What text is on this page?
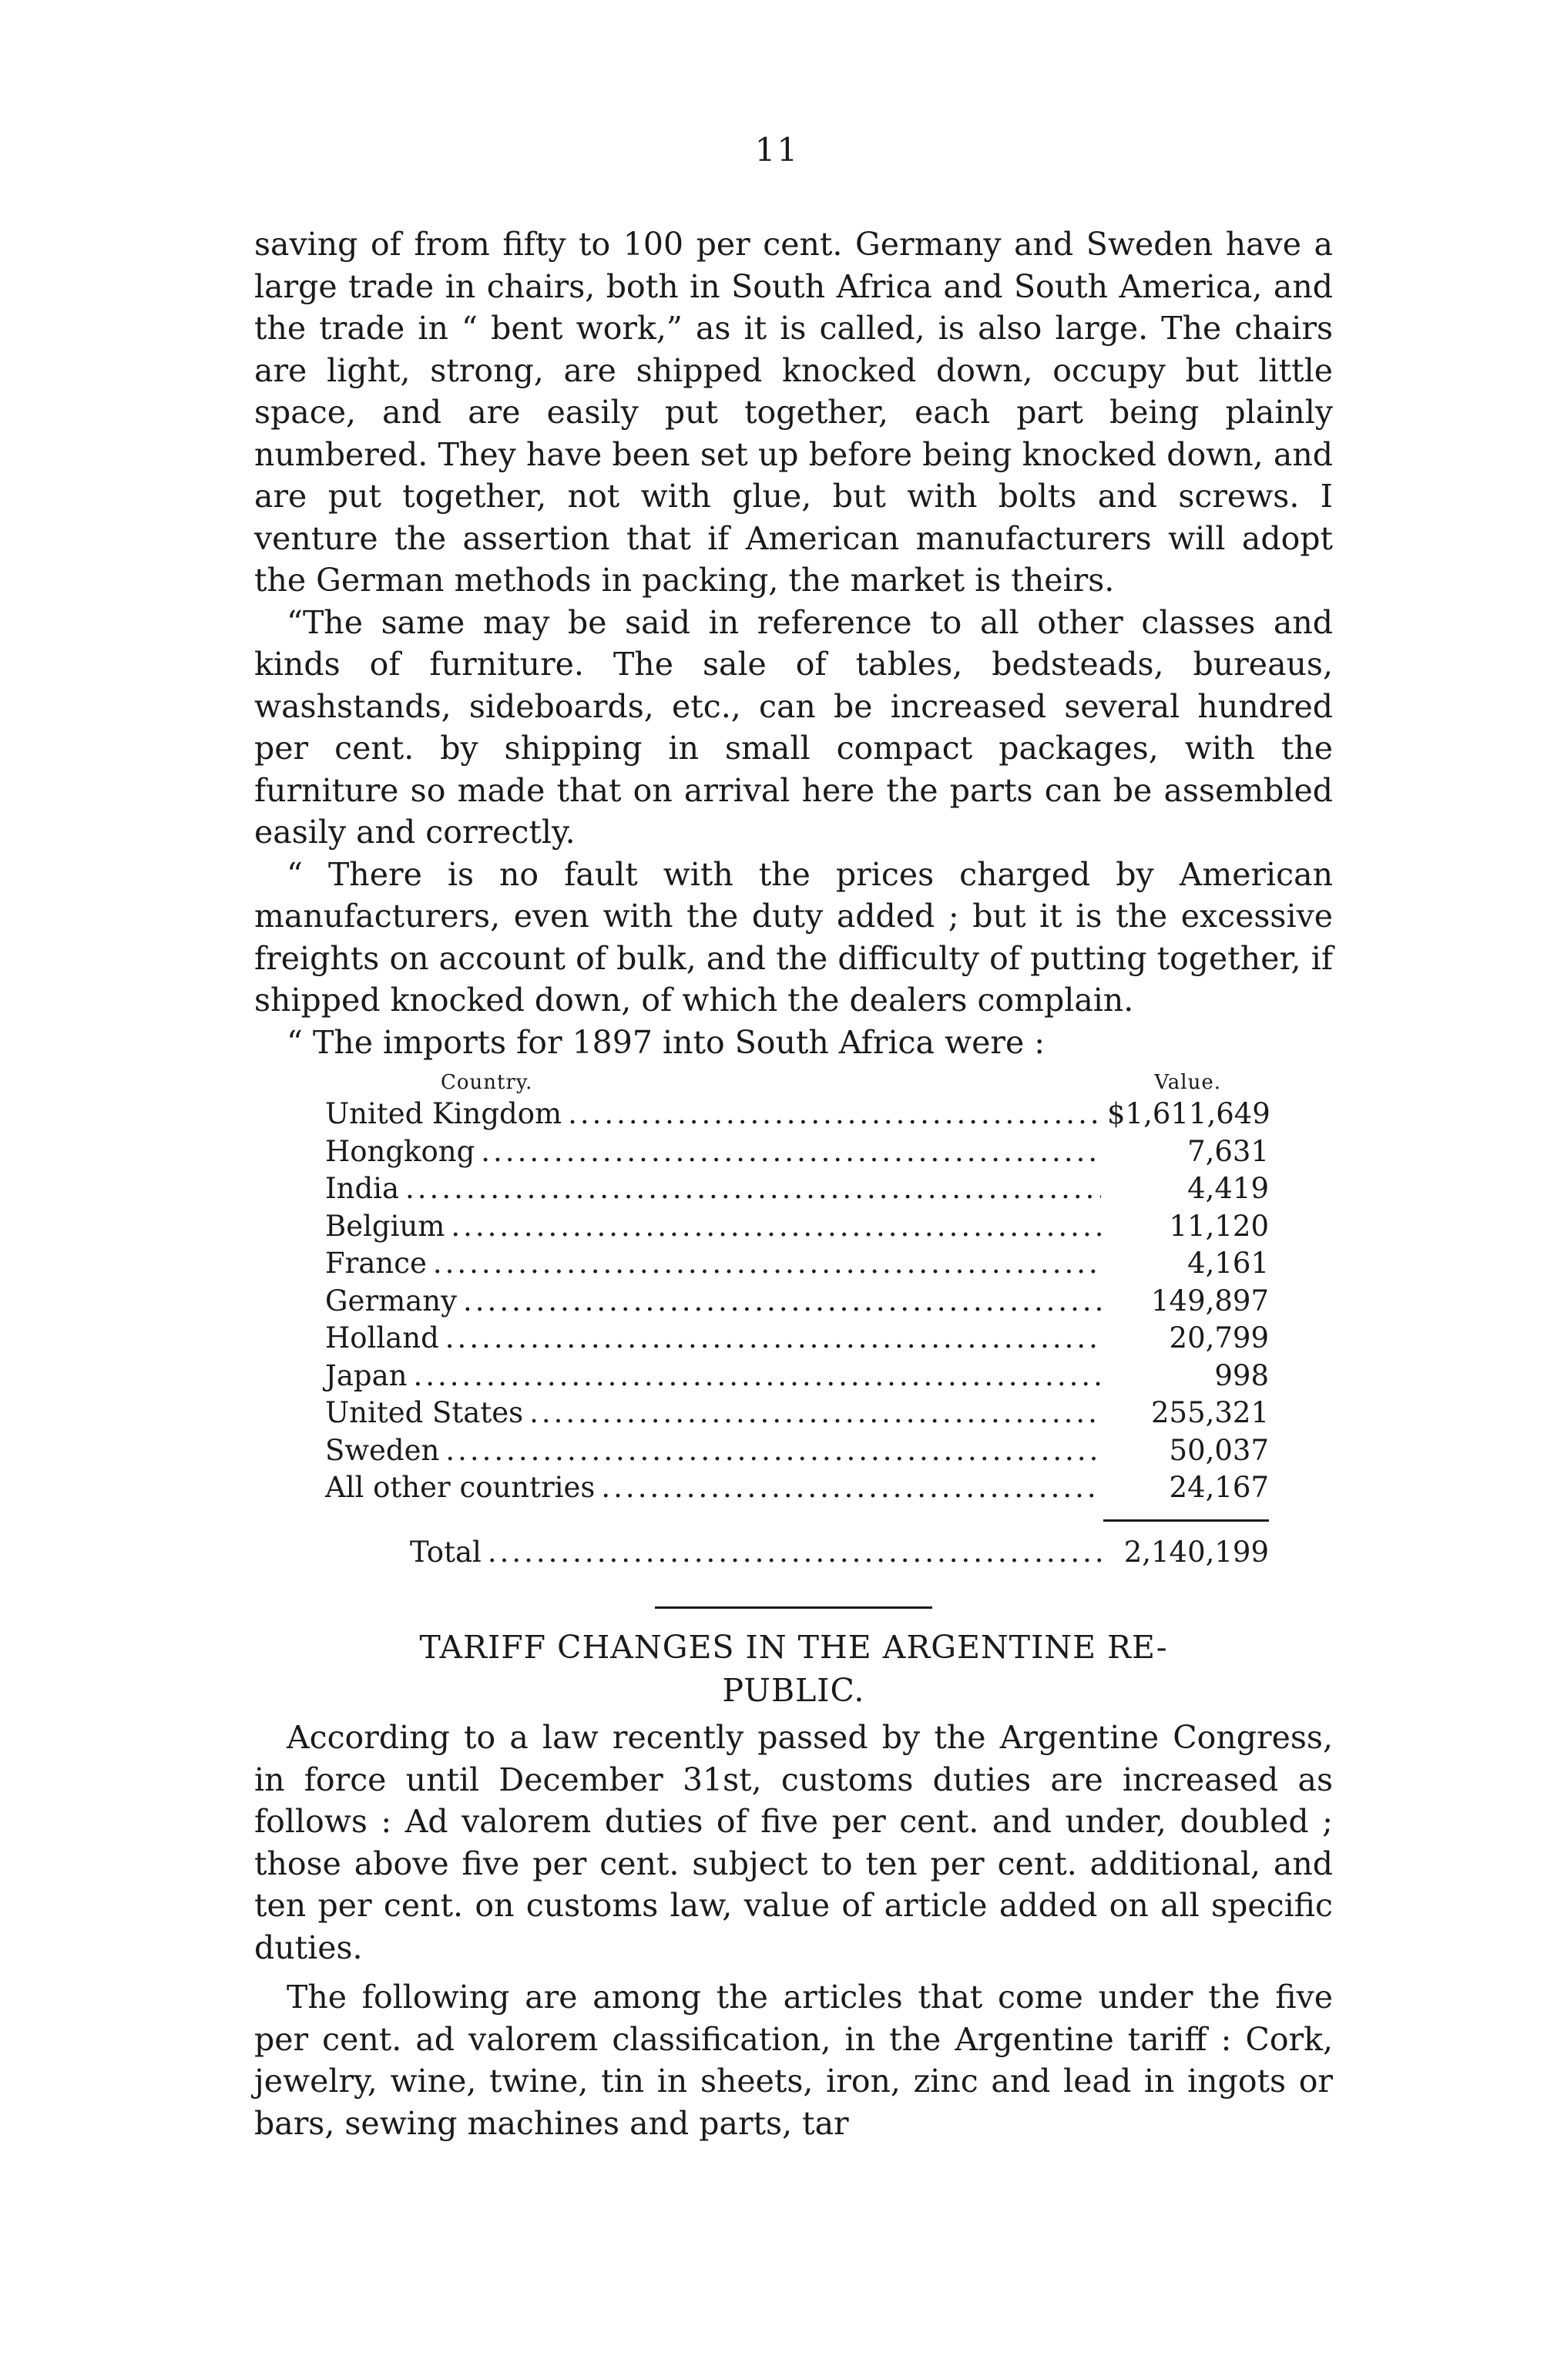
11

saving of from fifty to 100 per cent. Germany and Sweden have a large trade in chairs, both in South Africa and South America, and the trade in “ bent work,” as it is called, is also large. The chairs are light, strong, are shipped knocked down, occupy but little space, and are easily put together, each part being plainly numbered. They have been set up before being knocked down, and are put together, not with glue, but with bolts and screws. I venture the assertion that if American manufacturers will adopt the German methods in packing, the market is theirs.

“The same may be said in reference to all other classes and kinds of furniture. The sale of tables, bedsteads, bureaus, washstands, sideboards, etc., can be increased several hundred per cent. by shipping in small compact packages, with the furniture so made that on arrival here the parts can be assembled easily and correctly.

“ There is no fault with the prices charged by American manufacturers, even with the duty added ; but it is the excessive freights on account of bulk, and the difficulty of putting together, if shipped knocked down, of which the dealers complain.

“ The imports for 1897 into South Africa were :

Country.	Value.
United Kingdom .....	$1,611,649
Hongkong .....	7,631
India .....	4,419
Belgium .....	11,120
France .....	4,161
Germany .....	149,897
Holland .....	20,799
Japan .....	998
United States .....	255,321
Sweden .....	50,037
All other countries .....	24,167
Total .....	2,140,199
TARIFF CHANGES IN THE ARGENTINE RE-
PUBLIC.

According to a law recently passed by the Argentine Congress, in force until December 31st, customs duties are increased as follows : Ad valorem duties of five per cent. and under, doubled ; those above five per cent. subject to ten per cent. additional, and ten per cent. on customs law, value of article added on all specific duties.

The following are among the articles that come under the five per cent. ad valorem classification, in the Argentine tariff : Cork, jewelry, wine, twine, tin in sheets, iron, zinc and lead in ingots or bars, sewing machines and parts, tar
